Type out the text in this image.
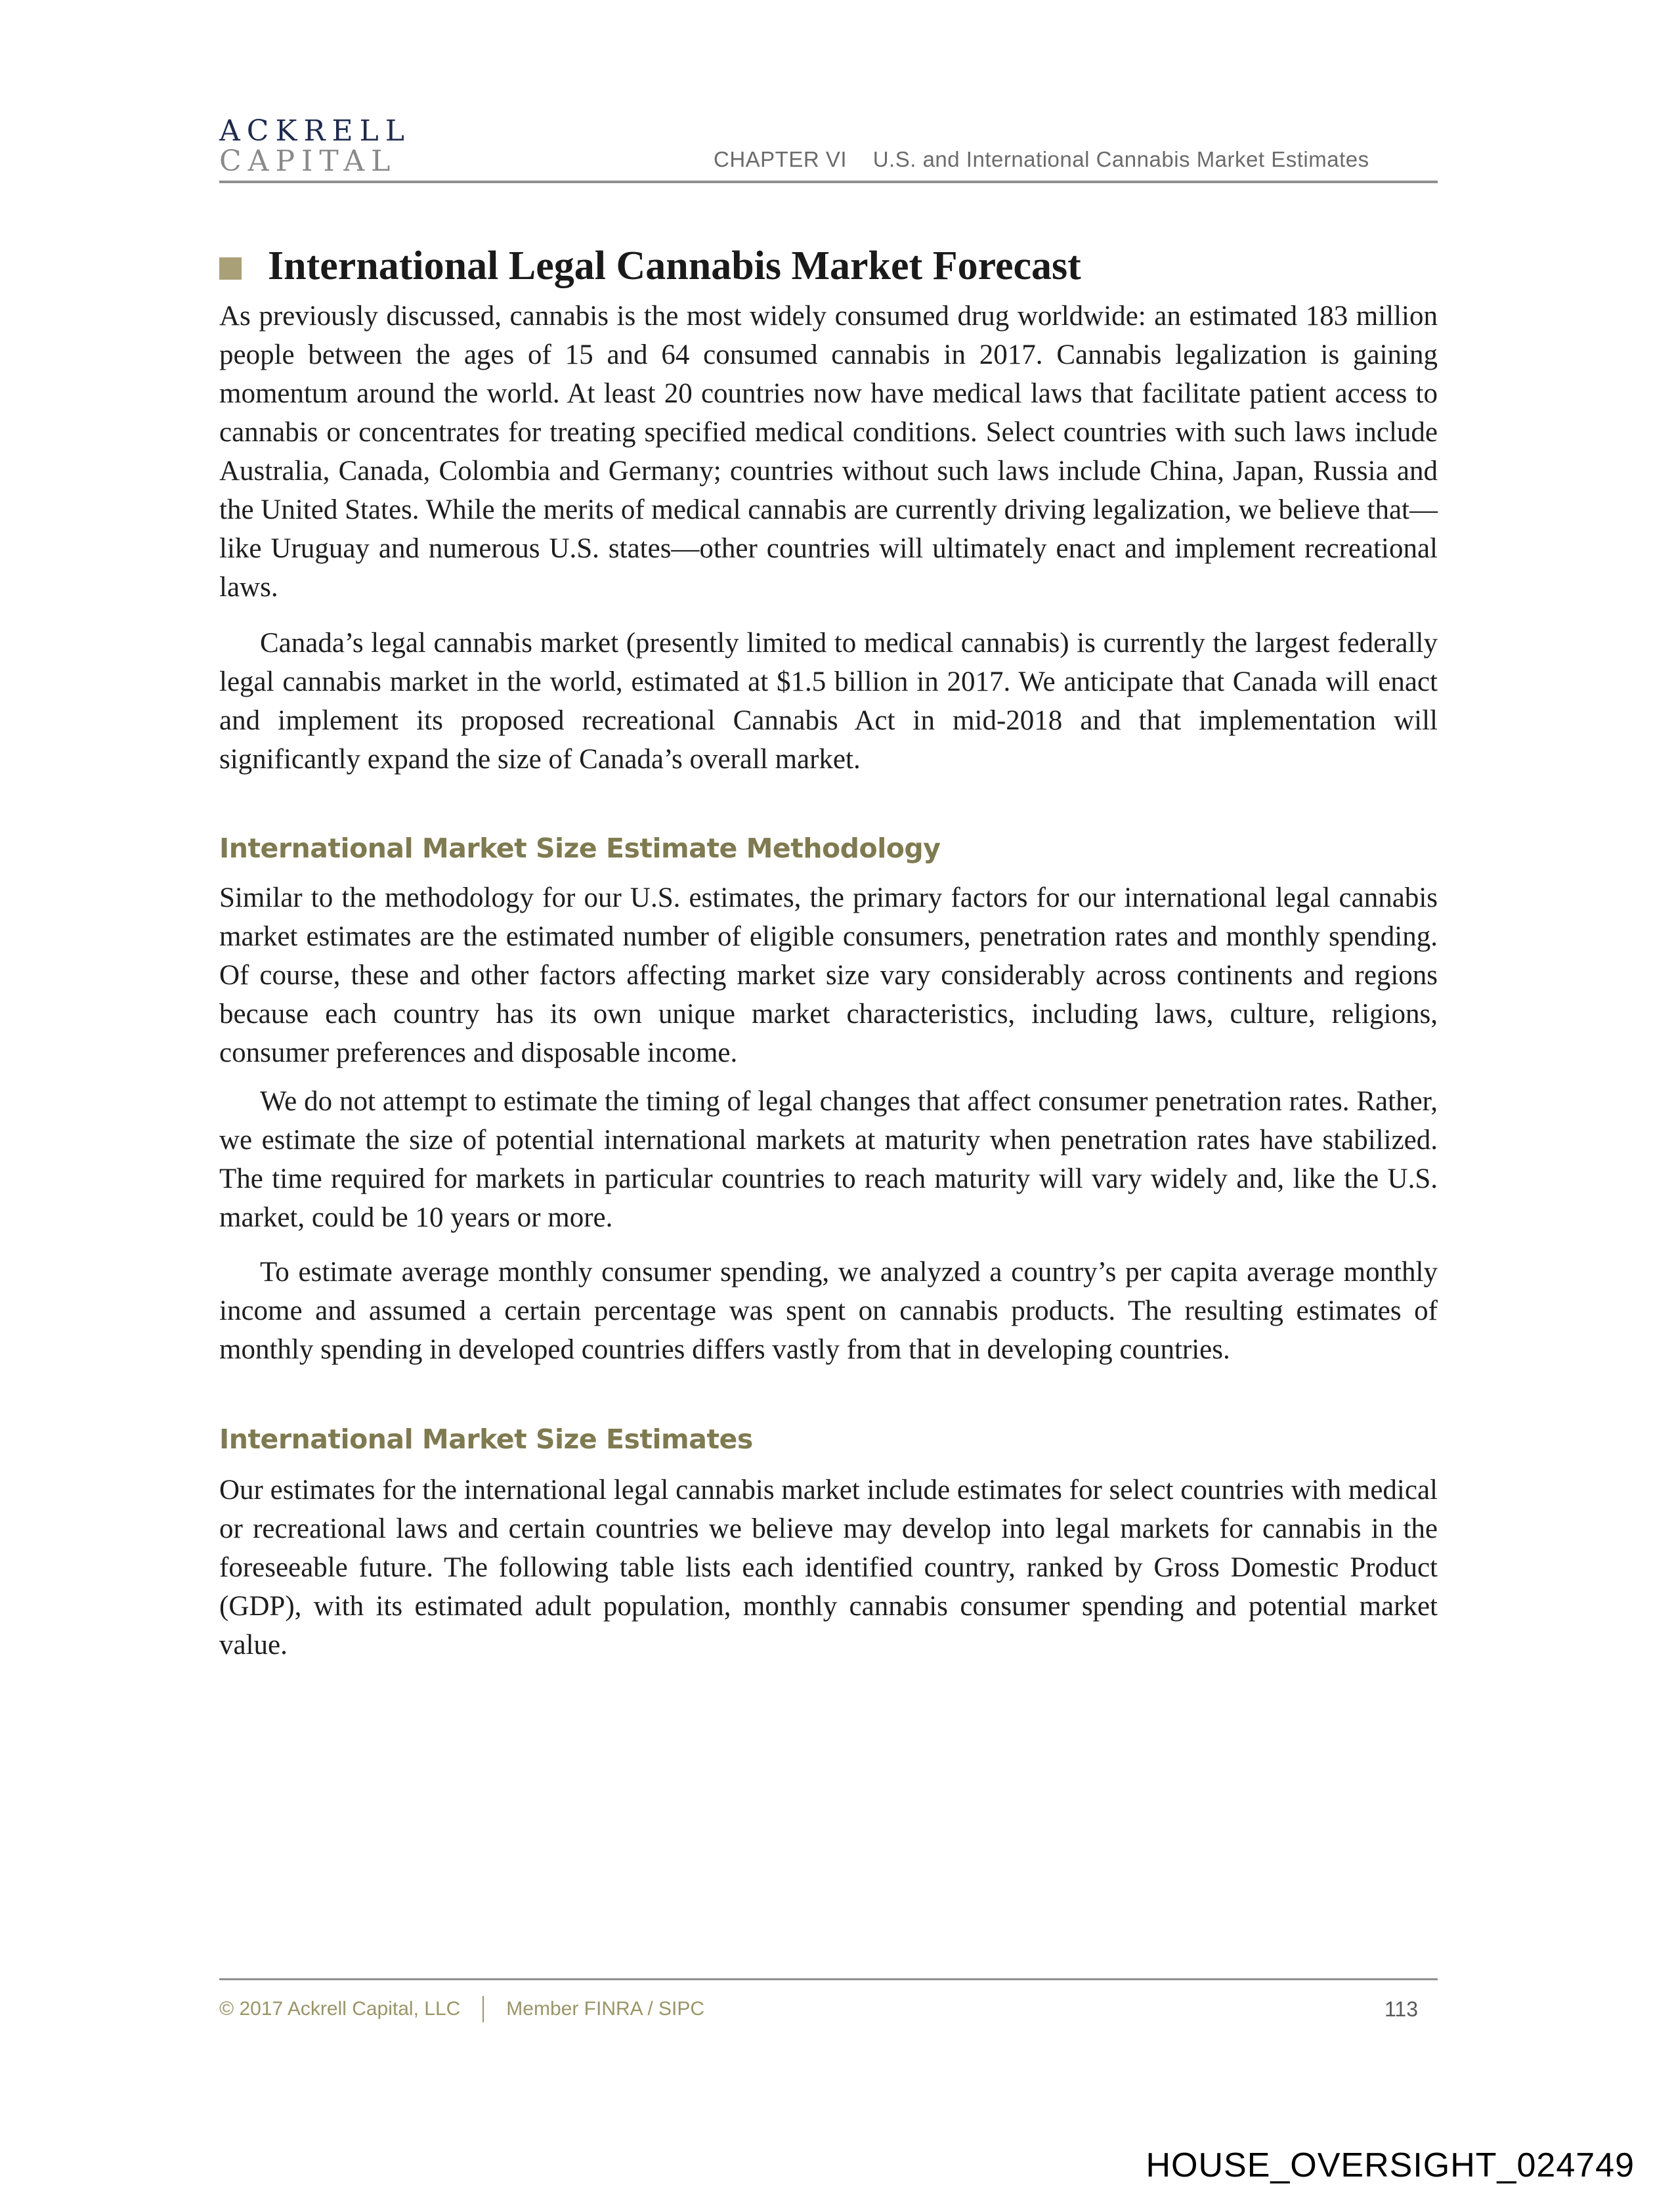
ACKRELL
CAPITAL	CHAPTER VI U.S. and International Cannabis Market Estimates
International Legal Cannabis Market Forecast

As previously discussed, cannabis is the most widely consumed drug worldwide: an estimated 183 million people between the ages of 15 and 64 consumed cannabis in 2017. Cannabis legalization is gaining momentum around the world. At least 20 countries now have medical laws that facilitate patient access to cannabis or concentrates for treating specified medical conditions. Select countries with such laws include Australia, Canada, Colombia and Germany; countries without such laws include China, Japan, Russia and the United States. While the merits of medical cannabis are currently driving legalization, we believe that—like Uruguay and numerous U.S. states—other countries will ultimately enact and implement recreational laws.

Canada’s legal cannabis market (presently limited to medical cannabis) is currently the largest federally legal cannabis market in the world, estimated at $1.5 billion in 2017. We anticipate that Canada will enact and implement its proposed recreational Cannabis Act in mid-2018 and that implementation will significantly expand the size of Canada’s overall market.

International Market Size Estimate Methodology

Similar to the methodology for our U.S. estimates, the primary factors for our international legal cannabis market estimates are the estimated number of eligible consumers, penetration rates and monthly spending. Of course, these and other factors affecting market size vary considerably across continents and regions because each country has its own unique market characteristics, including laws, culture, religions, consumer preferences and disposable income.

We do not attempt to estimate the timing of legal changes that affect consumer penetration rates. Rather, we estimate the size of potential international markets at maturity when penetration rates have stabilized. The time required for markets in particular countries to reach maturity will vary widely and, like the U.S. market, could be 10 years or more.

To estimate average monthly consumer spending, we analyzed a country’s per capita average monthly income and assumed a certain percentage was spent on cannabis products. The resulting estimates of monthly spending in developed countries differs vastly from that in developing countries.

International Market Size Estimates

Our estimates for the international legal cannabis market include estimates for select countries with medical or recreational laws and certain countries we believe may develop into legal markets for cannabis in the foreseeable future. The following table lists each identified country, ranked by Gross Domestic Product (GDP), with its estimated adult population, monthly cannabis consumer spending and potential market value.

© 2017 Ackrell Capital, LLC Member FINRA / SIPC	113
HOUSE_OVERSIGHT_024749
